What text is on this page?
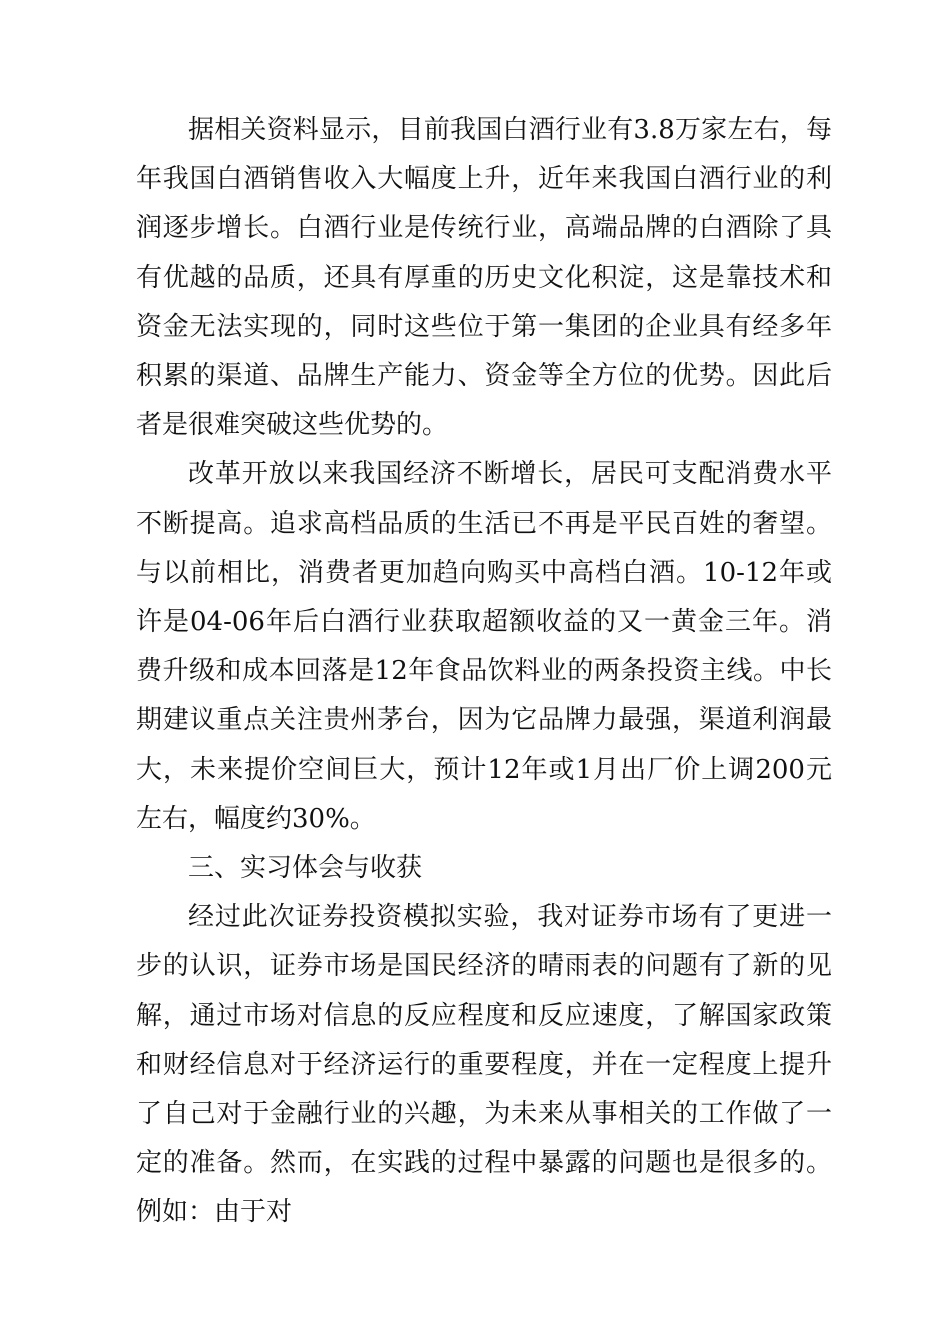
据相关资料显示，目前我国白酒行业有3.8万家左右，每年我国白酒销售收入大幅度上升，近年来我国白酒行业的利润逐步增长。白酒行业是传统行业，高端品牌的白酒除了具有优越的品质，还具有厚重的历史文化积淀，这是靠技术和资金无法实现的，同时这些位于第一集团的企业具有经多年积累的渠道、品牌生产能力、资金等全方位的优势。因此后者是很难突破这些优势的。

改革开放以来我国经济不断增长，居民可支配消费水平不断提高。追求高档品质的生活已不再是平民百姓的奢望。与以前相比，消费者更加趋向购买中高档白酒。10-12年或许是04-06年后白酒行业获取超额收益的又一黄金三年。消费升级和成本回落是12年食品饮料业的两条投资主线。中长期建议重点关注贵州茅台，因为它品牌力最强，渠道利润最大，未来提价空间巨大，预计12年或1月出厂价上调200元左右，幅度约30%。

三、实习体会与收获

经过此次证券投资模拟实验，我对证券市场有了更进一步的认识，证券市场是国民经济的晴雨表的问题有了新的见解，通过市场对信息的反应程度和反应速度，了解国家政策和财经信息对于经济运行的重要程度，并在一定程度上提升了自己对于金融行业的兴趣，为未来从事相关的工作做了一定的准备。然而，在实践的过程中暴露的问题也是很多的。例如：由于对
